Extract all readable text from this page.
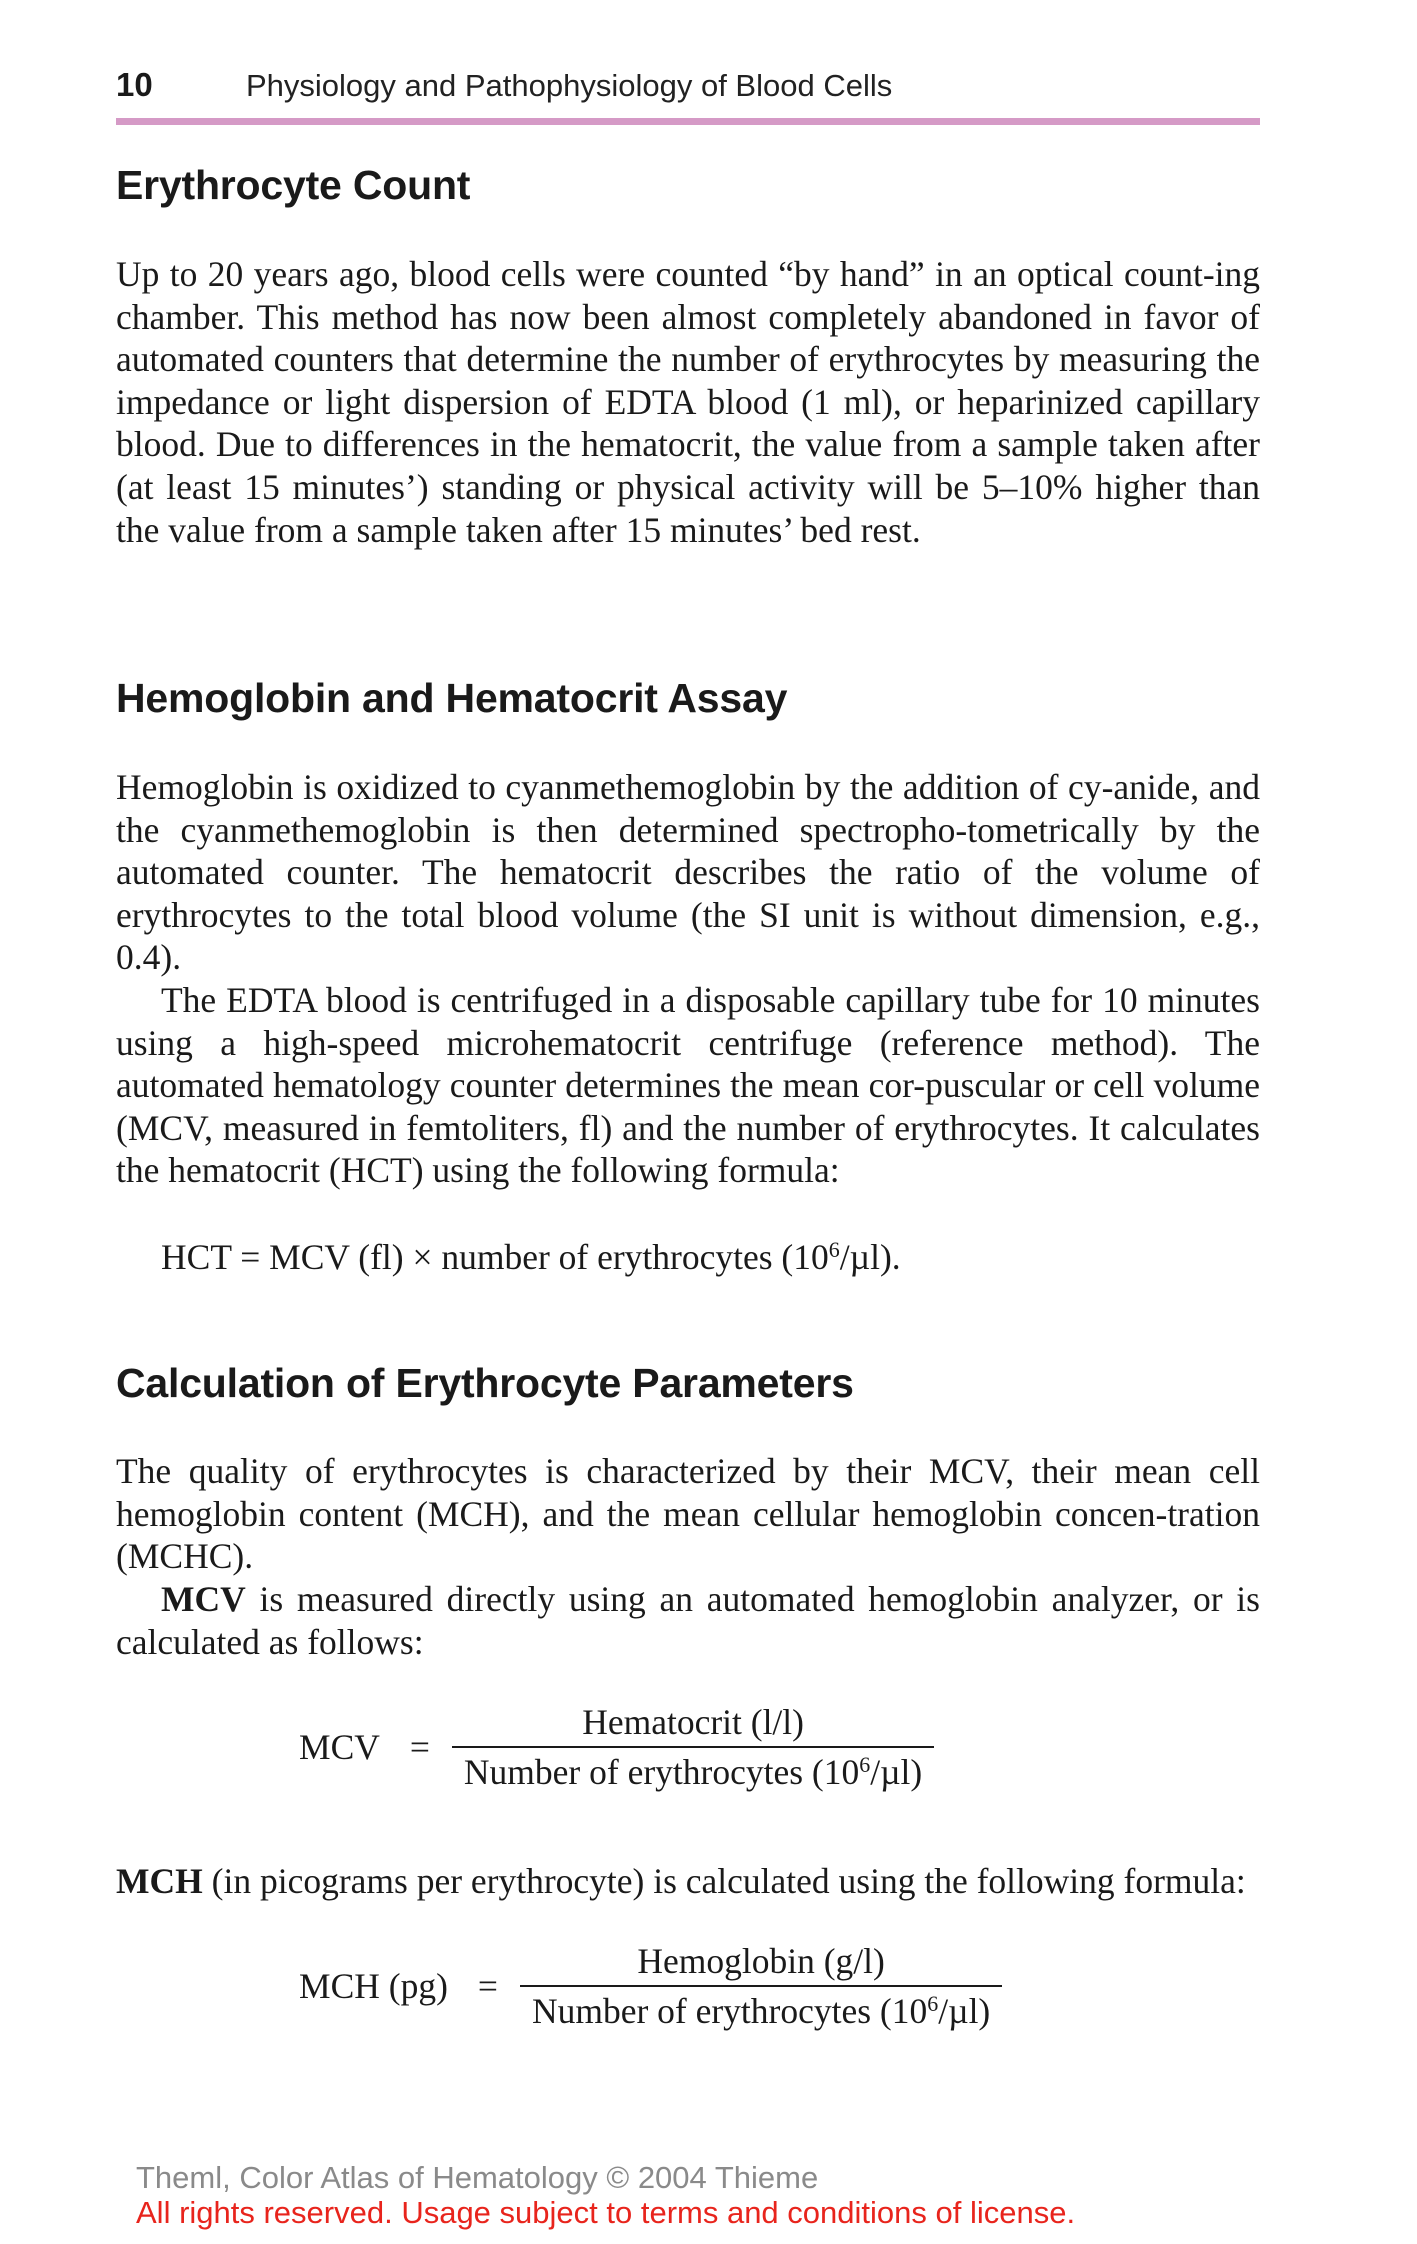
10	Physiology and Pathophysiology of Blood Cells
Erythrocyte Count

Up to 20 years ago, blood cells were counted “by hand” in an optical count-ing chamber. This method has now been almost completely abandoned in favor of automated counters that determine the number of erythrocytes by measuring the impedance or light dispersion of EDTA blood (1 ml), or heparinized capillary blood. Due to differences in the hematocrit, the value from a sample taken after (at least 15 minutes’) standing or physical activity will be 5–10% higher than the value from a sample taken after 15 minutes’ bed rest.

Hemoglobin and Hematocrit Assay

Hemoglobin is oxidized to cyanmethemoglobin by the addition of cy-anide, and the cyanmethemoglobin is then determined spectropho-tometrically by the automated counter. The hematocrit describes the ratio of the volume of erythrocytes to the total blood volume (the SI unit is without dimension, e.g., 0.4).

The EDTA blood is centrifuged in a disposable capillary tube for 10 minutes using a high-speed microhematocrit centrifuge (reference method). The automated hematology counter determines the mean cor-puscular or cell volume (MCV, measured in femtoliters, fl) and the number of erythrocytes. It calculates the hematocrit (HCT) using the following formula:

HCT = MCV (fl) × number of erythrocytes $(10^6/\mu l)$.
Calculation of Erythrocyte Parameters

The quality of erythrocytes is characterized by their MCV, their mean cell hemoglobin content (MCH), and the mean cellular hemoglobin concen-tration (MCHC).

MCV is measured directly using an automated hemoglobin analyzer, or is calculated as follows:

MCV = $\frac{\text{Hematocrit (l/l)}}{Number of erythrocytes (10^6/\mu l)}$

MCH (in picograms per erythrocyte) is calculated using the following formula:

MCH $(pg) = \frac{\text{Hemoglobin (g/l)}}{Number of erythrocytes (10^6/\mu l)}$
Theml, Color Atlas of Hematology © 2004 Thieme
All rights reserved. Usage subject to terms and conditions of license.
